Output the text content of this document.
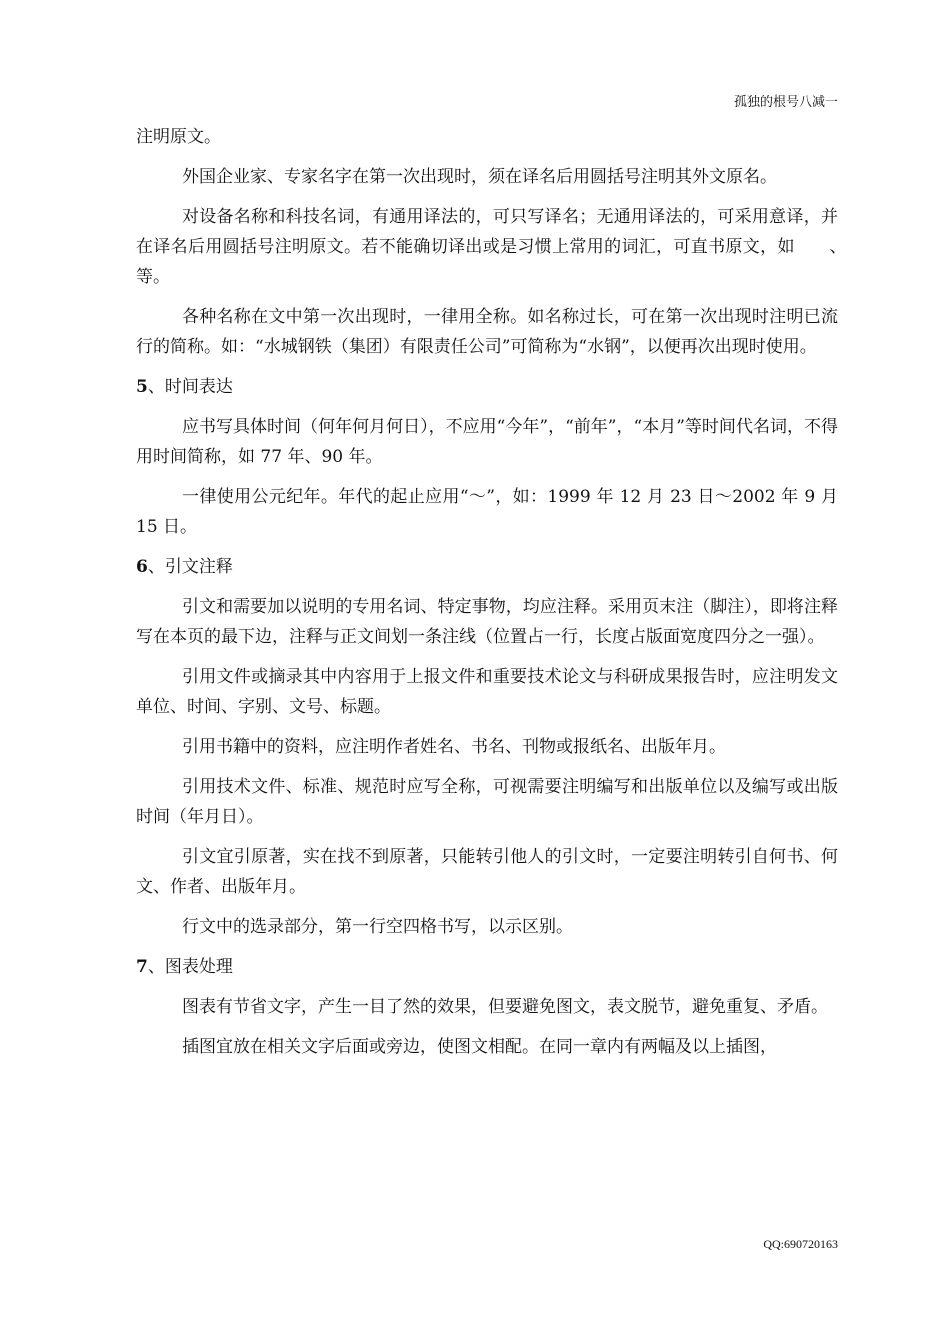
孤独的根号八减一

注明原文。

外国企业家、专家名字在第一次出现时，须在译名后用圆括号注明其外文原名。

对设备名称和科技名词，有通用译法的，可只写译名；无通用译法的，可采用意译，并在译名后用圆括号注明原文。若不能确切译出或是习惯上常用的词汇，可直书原文，如　　、　　等。

各种名称在文中第一次出现时，一律用全称。如名称过长，可在第一次出现时注明已流行的简称。如：“水城钢铁（集团）有限责任公司”可简称为“水钢”，以便再次出现时使用。

5、时间表达

应书写具体时间（何年何月何日），不应用“今年”，“前年”，“本月”等时间代名词，不得用时间简称，如 77 年、90 年。

一律使用公元纪年。年代的起止应用“～”，如：1999 年 12 月 23 日～2002 年 9 月 15 日。

6、引文注释

引文和需要加以说明的专用名词、特定事物，均应注释。采用页末注（脚注），即将注释写在本页的最下边，注释与正文间划一条注线（位置占一行，长度占版面宽度四分之一强）。

引用文件或摘录其中内容用于上报文件和重要技术论文与科研成果报告时，应注明发文单位、时间、字别、文号、标题。

引用书籍中的资料，应注明作者姓名、书名、刊物或报纸名、出版年月。

引用技术文件、标准、规范时应写全称，可视需要注明编写和出版单位以及编写或出版时间（年月日）。

引文宜引原著，实在找不到原著，只能转引他人的引文时，一定要注明转引自何书、何文、作者、出版年月。

行文中的选录部分，第一行空四格书写，以示区别。

7、图表处理

图表有节省文字，产生一目了然的效果，但要避免图文，表文脱节，避免重复、矛盾。

插图宜放在相关文字后面或旁边，使图文相配。在同一章内有两幅及以上插图，

QQ:690720163
